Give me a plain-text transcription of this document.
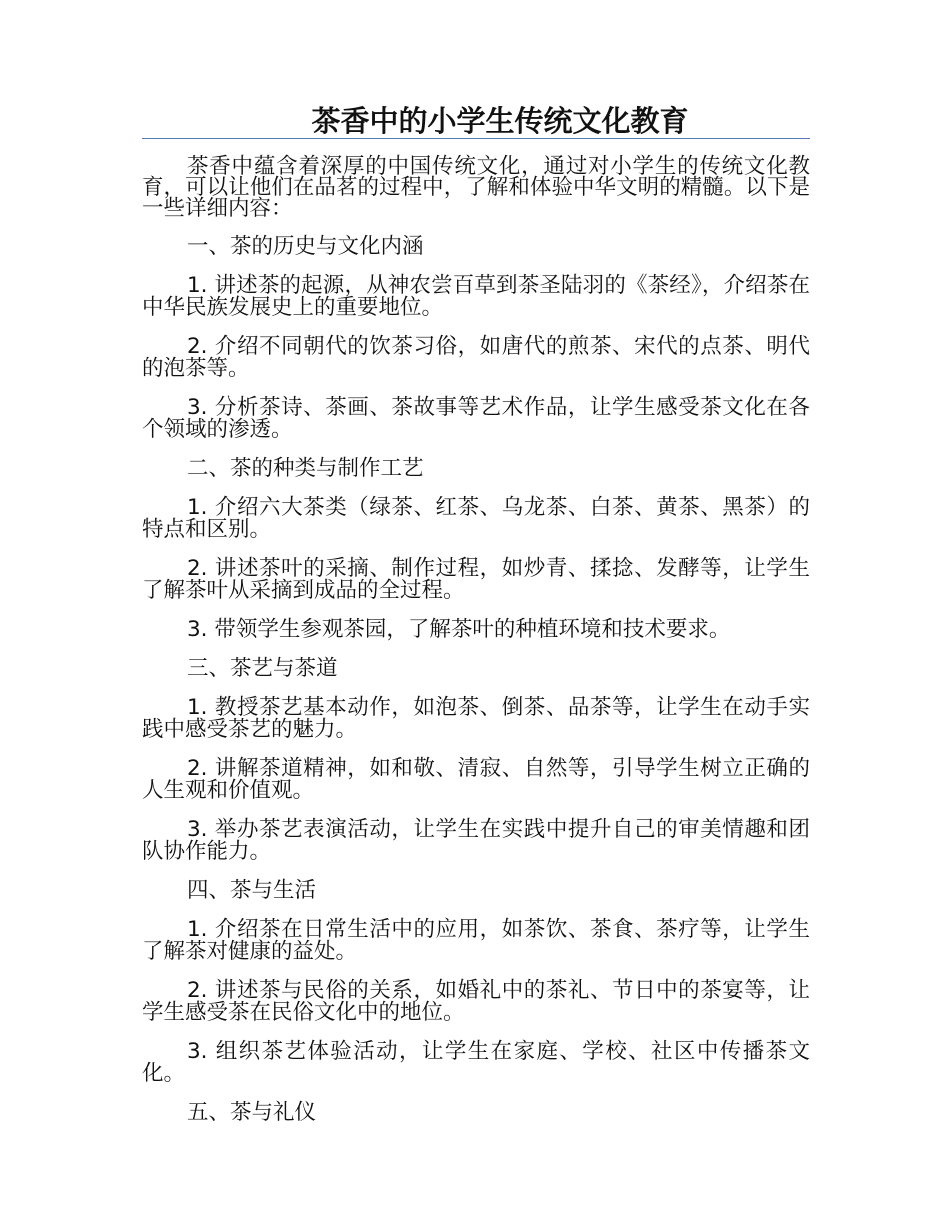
茶香中的小学生传统文化教育

茶香中蕴含着深厚的中国传统文化，通过对小学生的传统文化教育，可以让他们在品茗的过程中，了解和体验中华文明的精髓。以下是一些详细内容：

一、茶的历史与文化内涵

1. 讲述茶的起源，从神农尝百草到茶圣陆羽的《茶经》，介绍茶在中华民族发展史上的重要地位。

2. 介绍不同朝代的饮茶习俗，如唐代的煎茶、宋代的点茶、明代的泡茶等。

3. 分析茶诗、茶画、茶故事等艺术作品，让学生感受茶文化在各个领域的渗透。

二、茶的种类与制作工艺

1. 介绍六大茶类（绿茶、红茶、乌龙茶、白茶、黄茶、黑茶）的特点和区别。

2. 讲述茶叶的采摘、制作过程，如炒青、揉捻、发酵等，让学生了解茶叶从采摘到成品的全过程。

3. 带领学生参观茶园，了解茶叶的种植环境和技术要求。

三、茶艺与茶道

1. 教授茶艺基本动作，如泡茶、倒茶、品茶等，让学生在动手实践中感受茶艺的魅力。

2. 讲解茶道精神，如和敬、清寂、自然等，引导学生树立正确的人生观和价值观。

3. 举办茶艺表演活动，让学生在实践中提升自己的审美情趣和团队协作能力。

四、茶与生活

1. 介绍茶在日常生活中的应用，如茶饮、茶食、茶疗等，让学生了解茶对健康的益处。

2. 讲述茶与民俗的关系，如婚礼中的茶礼、节日中的茶宴等，让学生感受茶在民俗文化中的地位。

3. 组织茶艺体验活动，让学生在家庭、学校、社区中传播茶文化。

五、茶与礼仪
